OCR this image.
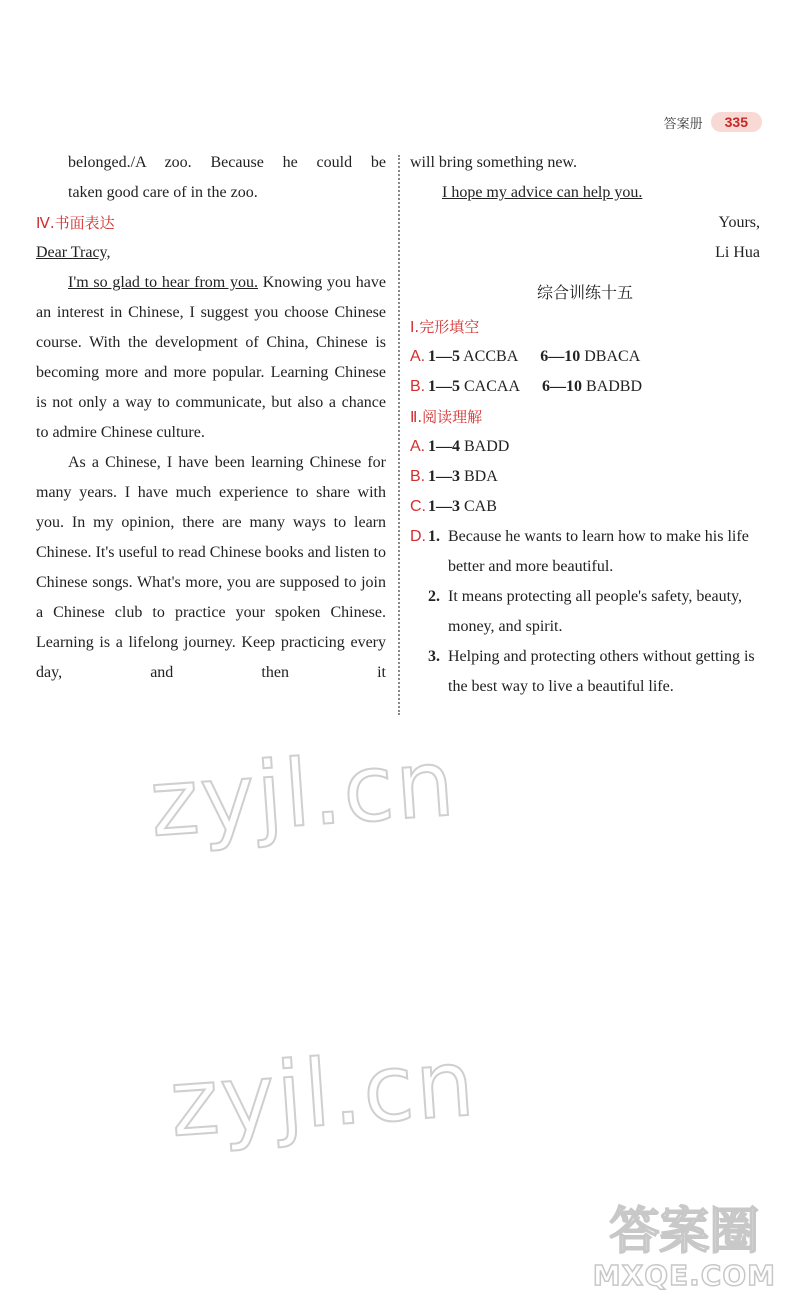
答案册	335

belonged./A zoo. Because he could be

taken good care of in the zoo.

Ⅳ.书面表达

Dear Tracy,

I'm so glad to hear from you. Knowing you have an interest in Chinese, I suggest you choose Chinese course. With the development of China, Chinese is becoming more and more popular. Learning Chinese is not only a way to communicate, but also a chance to admire Chinese culture.

As a Chinese, I have been learning Chinese for many years. I have much experience to share with you. In my opinion, there are many ways to learn Chinese. It's useful to read Chinese books and listen to Chinese songs. What's more, you are supposed to join a Chinese club to practice your spoken Chinese. Learning is a lifelong journey. Keep practicing every day, and then it

will bring something new.

I hope my advice can help you.

Yours,

Li Hua

综合训练十五

Ⅰ.完形填空

A. 1—5 ACCBA 6—10 DBACA
B. 1—5 CACAA 6—10 BADBD

Ⅱ.阅读理解

A. 1—4 BADD
B. 1—3 BDA
C. 1—3 CAB
D. 1. Because he wants to learn how to make his life better and more beautiful.
2. It means protecting all people's safety, beauty, money, and spirit.
3. Helping and protecting others without getting is the best way to live a beautiful life.
zyjl.cn
zyjl.cn
答案圈
MXQE.COM
